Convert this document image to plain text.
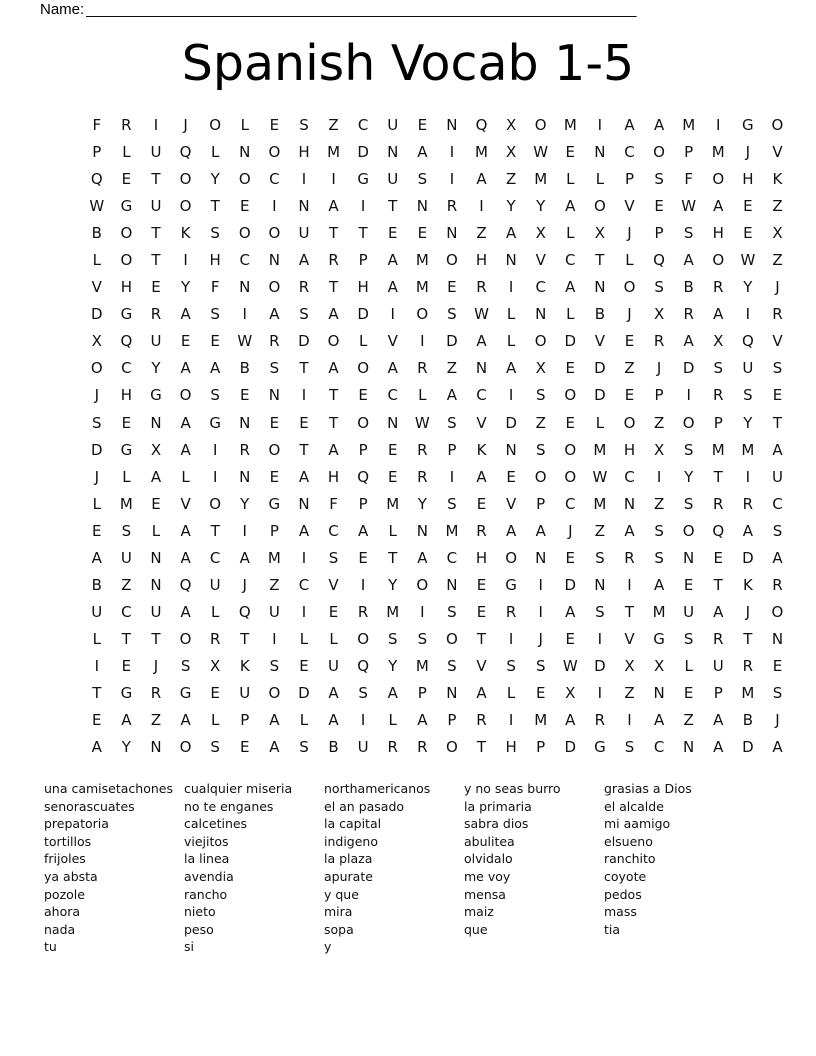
Name: _______________________________________________________________________
Spanish Vocab 1-5
F	R	I	J	O	L	E	S	Z	C	U	E	N	Q	X	O	M	I	A	A	M	I	G	O
P	L	U	Q	L	N	O	H	M	D	N	A	I	M	X	W	E	N	C	O	P	M	J	V
Q	E	T	O	Y	O	C	I	I	G	U	S	I	A	Z	M	L	L	P	S	F	O	H	K
W	G	U	O	T	E	I	N	A	I	T	N	R	I	Y	Y	A	O	V	E	W	A	E	Z
B	O	T	K	S	O	O	U	T	T	E	E	N	Z	A	X	L	X	J	P	S	H	E	X
L	O	T	I	H	C	N	A	R	P	A	M	O	H	N	V	C	T	L	Q	A	O	W	Z
V	H	E	Y	F	N	O	R	T	H	A	M	E	R	I	C	A	N	O	S	B	R	Y	J
D	G	R	A	S	I	A	S	A	D	I	O	S	W	L	N	L	B	J	X	R	A	I	R
X	Q	U	E	E	W	R	D	O	L	V	I	D	A	L	O	D	V	E	R	A	X	Q	V
O	C	Y	A	A	B	S	T	A	O	A	R	Z	N	A	X	E	D	Z	J	D	S	U	S
J	H	G	O	S	E	N	I	T	E	C	L	A	C	I	S	O	D	E	P	I	R	S	E
S	E	N	A	G	N	E	E	T	O	N	W	S	V	D	Z	E	L	O	Z	O	P	Y	T
D	G	X	A	I	R	O	T	A	P	E	R	P	K	N	S	O	M	H	X	S	M	M	A
J	L	A	L	I	N	E	A	H	Q	E	R	I	A	E	O	O	W	C	I	Y	T	I	U
L	M	E	V	O	Y	G	N	F	P	M	Y	S	E	V	P	C	M	N	Z	S	R	R	C
E	S	L	A	T	I	P	A	C	A	L	N	M	R	A	A	J	Z	A	S	O	Q	A	S
A	U	N	A	C	A	M	I	S	E	T	A	C	H	O	N	E	S	R	S	N	E	D	A
B	Z	N	Q	U	J	Z	C	V	I	Y	O	N	E	G	I	D	N	I	A	E	T	K	R
U	C	U	A	L	Q	U	I	E	R	M	I	S	E	R	I	A	S	T	M	U	A	J	O
L	T	T	O	R	T	I	L	L	O	S	S	O	T	I	J	E	I	V	G	S	R	T	N
I	E	J	S	X	K	S	E	U	Q	Y	M	S	V	S	S	W	D	X	X	L	U	R	E
T	G	R	G	E	U	O	D	A	S	A	P	N	A	L	E	X	I	Z	N	E	P	M	S
E	A	Z	A	L	P	A	L	A	I	L	A	P	R	I	M	A	R	I	A	Z	A	B	J
A	Y	N	O	S	E	A	S	B	U	R	R	O	T	H	P	D	G	S	C	N	A	D	A
una camisetachones
senorascuates
prepatoria
tortillos
frijoles
ya absta
pozole
ahora
nada
tu
cualquier miseria
no te enganes
calcetines
viejitos
la linea
avendia
rancho
nieto
peso
si
northamericanos
el an pasado
la capital
indigeno
la plaza
apurate
y que
mira
sopa
y
y no seas burro
la primaria
sabra dios
abulitea
olvidalo
me voy
mensa
maiz
que
grasias a Dios
el alcalde
mi aamigo
elsueno
ranchito
coyote
pedos
mass
tia
